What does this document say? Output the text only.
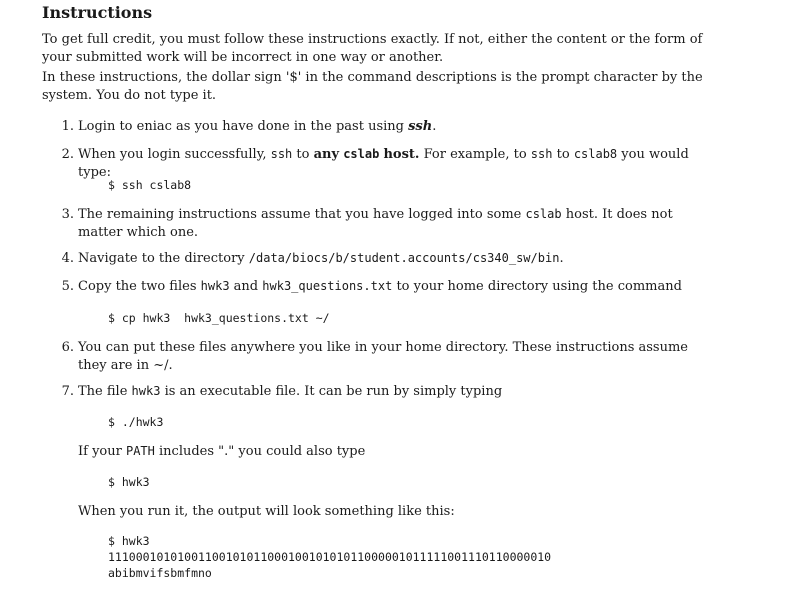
Instructions

To get full credit, you must follow these instructions exactly. If not, either the content or the form of your submitted work will be incorrect in one way or another.

In these instructions, the dollar sign '$' in the command descriptions is the prompt character by the system. You do not type it.

1. Login to eniac as you have done in the past using ssh.

2. When you login successfully, ssh to any cslab host. For example, to ssh to cslab8 you would type:

$ ssh cslab8
3. The remaining instructions assume that you have logged into some cslab host. It does not matter which one.

4. Navigate to the directory /data/biocs/b/student.accounts/cs340_sw/bin.

5. Copy the two files hwk3 and hwk3_questions.txt to your home directory using the command

$ cp hwk3  hwk3_questions.txt ~/
6. You can put these files anywhere you like in your home directory. These instructions assume they are in ~/.

7. The file hwk3 is an executable file. It can be run by simply typing

$ ./hwk3

If your PATH includes "." you could also type

$ hwk3

When you run it, the output will look something like this:

$ hwk3
1110001010100110010101100010010101011000001011111001110110000010
abibmvifsbmfmno
